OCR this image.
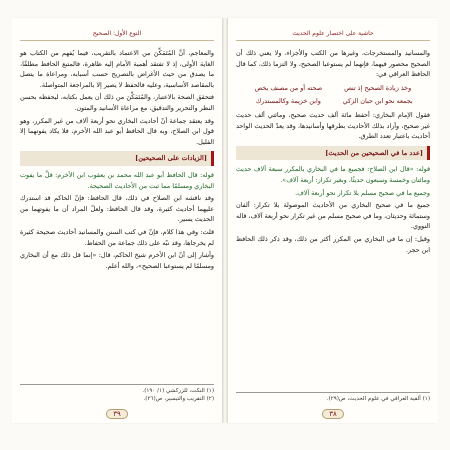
النوع الأول: الصحيح

والمعاجم، أنَّ المُتَمَكِّنَ من الاعتماد بالتقريب، فيما يُفهم من الكتاب هو الغاية الأولى، إذ لا تفتقد أهمية الأمام إليه ظاهرة، فالمتبع الحافظ مطلقًا، ما يصدق من حيث الأغراض بالتصريح حسب أسبابه، ومراعاة ما يتصل بالمقاصد الأساسية، وعليه فالحفظ لا يصير إلا بالمراجعة المتواصلة.

فتحقق الصحة بالاعتبار، والمُتَمَكِّنَ من ذلك أن يعمل بكتابه، ليحفظه بحسن النظر والتحرير والتدقيق، مع مراعاة الأسانيد والمتون.

وقد يعتقد جماعة أنّ أحاديث البخاري نحو أربعة آلاف من غير المكرر، وهو قول ابن الصلاح، وبه قال الحافظ أبو عبد الله الأخرم، فلا يكاد يفوتهما إلا القليل.

[الزيادات على الصحيحين]

قوله: قال الحافظ أبو عبد الله محمد بن يعقوب ابن الأخرم: قلَّ ما يفوت البخاري ومسلمًا مما ثبت من الأحاديث الصحيحة.

وقد ناقشه ابن الصلاح في ذلك، قال الحافظ: فإنّ الحاكم قد استدرك عليهما أحاديث كثيرة، وقد قال الحافظ: ولعلّ المراد أن ما يفوتهما من الحديث يسير.

قلت: وفي هذا كلام، فإنّ في كتب السنن والمسانيد أحاديث صحيحة كثيرة لم يخرجاها، وقد نبّه على ذلك جماعة من الحفاظ.

وأشار إلى أنّ ابن الأخرم شيخ الحاكم، قال: «إنما قل ذلك مع أن البخاري ومسلمًا لم يستوعبا الصحيح»، والله أعلم.

(١) النكت، للزركشي (١/ ١٩٠).
(٢) التقريب والتيسير، ص(٢٦).
٣٩
حاشية على اختصار علوم الحديث

والمسانيد والمستخرجات، وغيرها من الكتب والأجزاء، ولا يعني ذلك أن الصحيح محصور فيهما، فإنهما لم يستوعبا الصحيح، ولا التزما ذلك، كما قال الحافظ العراقي في:

وخذ زيادة الصحيح إذ تنص صحته أو من مصنف يخص
بجمعه نحو ابن حبان الزكي وابن خزيمة وكالمستدرك

فقول الإمام البخاري: أحفظ مائة ألف حديث صحيح، ومائتي ألف حديث غير صحيح، وأراد بذلك الأحاديث بطرقها وأسانيدها، وقد يعدّ الحديث الواحد أحاديث باعتبار تعدد الطرق.

[عدد ما في الصحيحين من الحديث]

قوله: «قال ابن الصلاح: فجميع ما في البخاري بالمكرر سبعة آلاف حديث ومائتان وخمسة وسبعون حديثًا، وبغير تكرار: أربعة آلاف».

وجميع ما في صحيح مسلم بلا تكرار نحو أربعة آلاف.

جميع ما في صحيح البخاري من الأحاديث الموصولة بلا تكرار: ألفان وستمائة وحديثان، وما في صحيح مسلم من غير تكرار نحو أربعة آلاف، قاله النووي.

وقيل: إن ما في البخاري من المكرر أكثر من ذلك، وقد ذكر ذلك الحافظ ابن حجر.

(١) ألفية العراقي في علوم الحديث، ص(٢٩).
٣٨
